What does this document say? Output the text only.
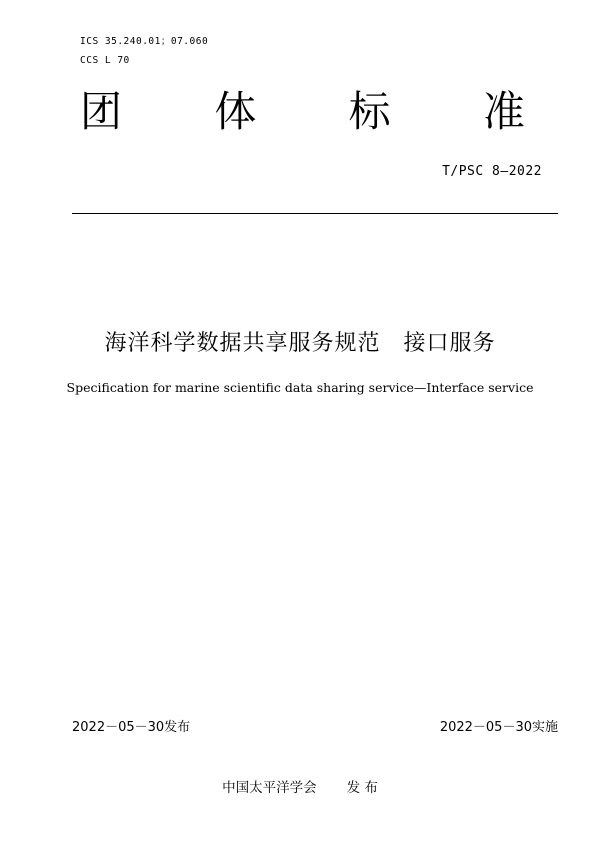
ICS 35.240.01；07.060
CCS L 70
团 体 标 准
T/PSC 8—2022
海洋科学数据共享服务规范　接口服务
Specification for marine scientific data sharing service—Interface service
2022－05－30发布	2022－05－30实施
中国太平洋学会 发 布
